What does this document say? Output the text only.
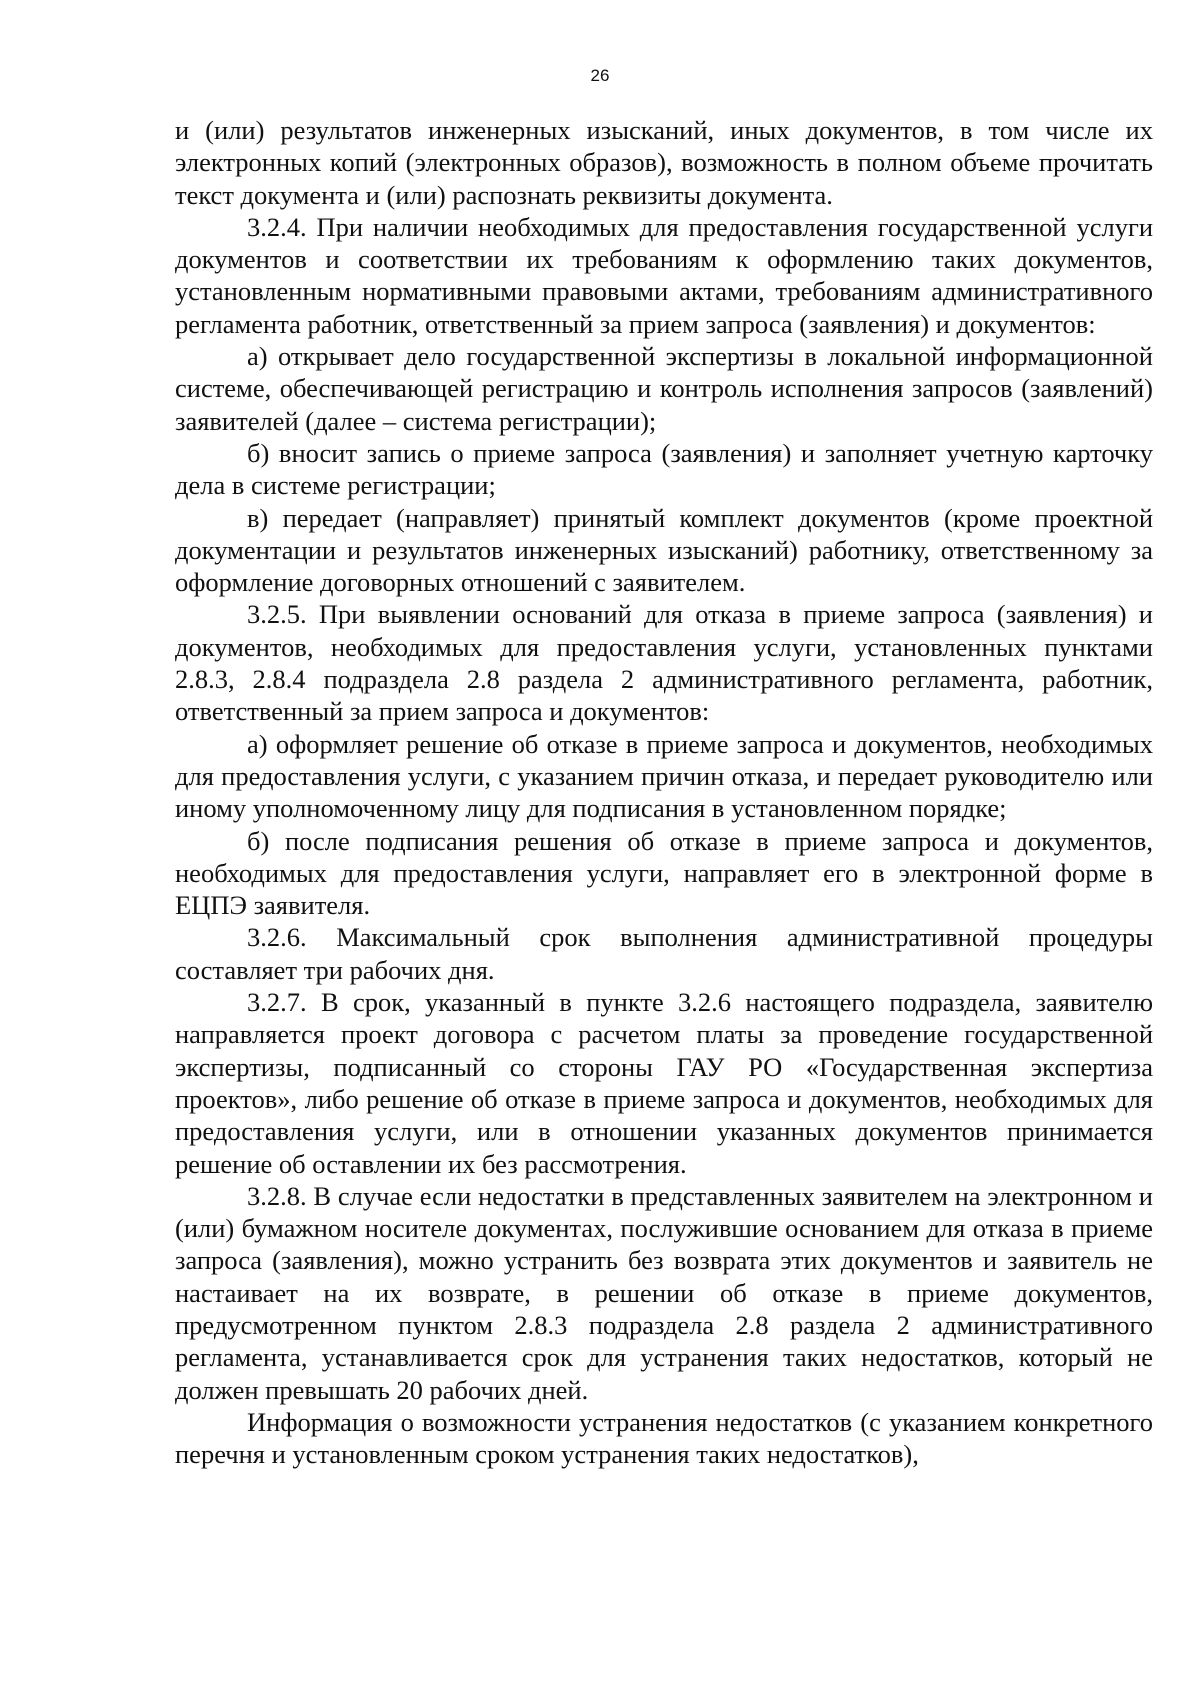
26

и (или) результатов инженерных изысканий, иных документов, в том числе их электронных копий (электронных образов), возможность в полном объеме прочитать текст документа и (или) распознать реквизиты документа.

3.2.4. При наличии необходимых для предоставления государственной услуги документов и соответствии их требованиям к оформлению таких документов, установленным нормативными правовыми актами, требованиям административного регламента работник, ответственный за прием запроса (заявления) и документов:

а) открывает дело государственной экспертизы в локальной информационной системе, обеспечивающей регистрацию и контроль исполнения запросов (заявлений) заявителей (далее – система регистрации);

б) вносит запись о приеме запроса (заявления) и заполняет учетную карточку дела в системе регистрации;

в) передает (направляет) принятый комплект документов (кроме проектной документации и результатов инженерных изысканий) работнику, ответственному за оформление договорных отношений с заявителем.

3.2.5. При выявлении оснований для отказа в приеме запроса (заявления) и документов, необходимых для предоставления услуги, установленных пунктами 2.8.3, 2.8.4 подраздела 2.8 раздела 2 административного регламента, работник, ответственный за прием запроса и документов:

а) оформляет решение об отказе в приеме запроса и документов, необходимых для предоставления услуги, с указанием причин отказа, и передает руководителю или иному уполномоченному лицу для подписания в установленном порядке;

б) после подписания решения об отказе в приеме запроса и документов, необходимых для предоставления услуги, направляет его в электронной форме в ЕЦПЭ заявителя.

3.2.6. Максимальный срок выполнения административной процедуры составляет три рабочих дня.

3.2.7. В срок, указанный в пункте 3.2.6 настоящего подраздела, заявителю направляется проект договора с расчетом платы за проведение государственной экспертизы, подписанный со стороны ГАУ РО «Государственная экспертиза проектов», либо решение об отказе в приеме запроса и документов, необходимых для предоставления услуги, или в отношении указанных документов принимается решение об оставлении их без рассмотрения.

3.2.8. В случае если недостатки в представленных заявителем на электронном и (или) бумажном носителе документах, послужившие основанием для отказа в приеме запроса (заявления), можно устранить без возврата этих документов и заявитель не настаивает на их возврате, в решении об отказе в приеме документов, предусмотренном пунктом 2.8.3 подраздела 2.8 раздела 2 административного регламента, устанавливается срок для устранения таких недостатков, который не должен превышать 20 рабочих дней.

Информация о возможности устранения недостатков (с указанием конкретного перечня и установленным сроком устранения таких недостатков),
